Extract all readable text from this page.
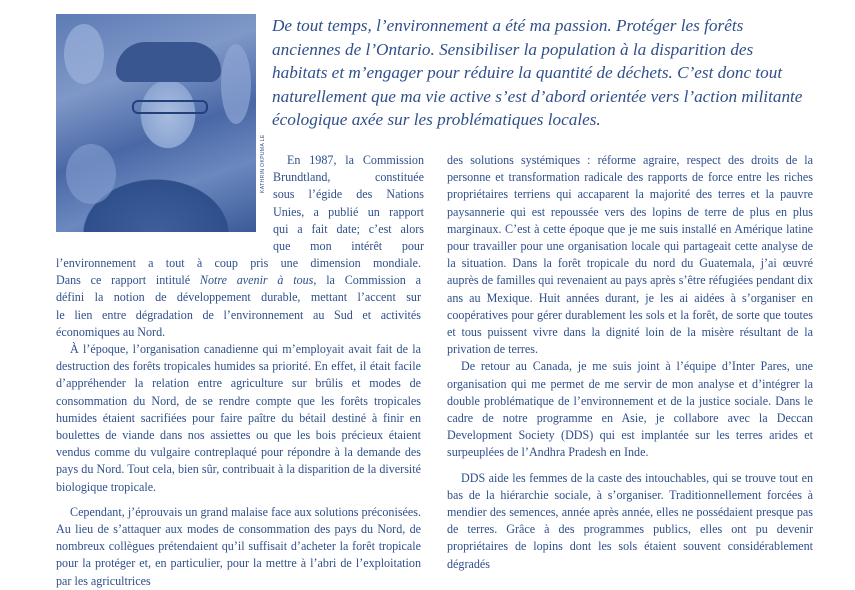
KATHRIN OKPUMA LE

De tout temps, l’environnement a été ma passion. Protéger les forêts anciennes de l’Ontario. Sensibiliser la population à la disparition des habitats et m’engager pour réduire la quantité de déchets. C’est donc tout naturellement que ma vie active s’est d’abord orientée vers l’action militante écologique axée sur les problématiques locales.

En 1987, la Commission
Brundtland, constituée
sous l’égide des Nations
Unies, a publié un rapport
qui a fait date; c’est alors
que mon intérêt pour
l’environnement a tout à coup pris une dimension mondiale.
Dans ce rapport intitulé Notre avenir à tous, la Commission a
défini la notion de développement durable, mettant l’accent sur
le lien entre dégradation de l’environnement au Sud et activités
économiques au Nord.

À l’époque, l’organisation canadienne qui m’employait avait fait de la destruction des forêts tropicales humides sa priorité. En effet, il était facile d’appréhender la relation entre agriculture sur brûlis et modes de consommation du Nord, de se rendre compte que les forêts tropicales humides étaient sacrifiées pour faire paître du bétail destiné à finir en boulettes de viande dans nos assiettes ou que les bois précieux étaient vendus comme du vulgaire contreplaqué pour répondre à la demande des pays du Nord. Tout cela, bien sûr, contribuait à la disparition de la diversité biologique tropicale.

Cependant, j’éprouvais un grand malaise face aux solutions préconisées. Au lieu de s’attaquer aux modes de consommation des pays du Nord, de nombreux collègues prétendaient qu’il suffisait d’acheter la forêt tropicale pour la protéger et, en particulier, pour la mettre à l’abri de l’exploitation par les agricultrices

des solutions systémiques : réforme agraire, respect des droits de la personne et transformation radicale des rapports de force entre les riches propriétaires terriens qui accaparent la majorité des terres et la pauvre paysannerie qui est repoussée vers des lopins de terre de plus en plus marginaux. C’est à cette époque que je me suis installé en Amérique latine pour travailler pour une organisation locale qui partageait cette analyse de la situation. Dans la forêt tropicale du nord du Guatemala, j’ai œuvré auprès de familles qui revenaient au pays après s’être réfugiées pendant dix ans au Mexique. Huit années durant, je les ai aidées à s’organiser en coopératives pour gérer durablement les sols et la forêt, de sorte que toutes et tous puissent vivre dans la dignité loin de la misère résultant de la privation de terres.

De retour au Canada, je me suis joint à l’équipe d’Inter Pares, une organisation qui me permet de me servir de mon analyse et d’intégrer la double problématique de l’environnement et de la justice sociale. Dans le cadre de notre programme en Asie, je collabore avec la Deccan Development Society (DDS) qui est implantée sur les terres arides et surpeuplées de l’Andhra Pradesh en Inde.

DDS aide les femmes de la caste des intouchables, qui se trouve tout en bas de la hiérarchie sociale, à s’organiser. Traditionnellement forcées à mendier des semences, année après année, elles ne possédaient presque pas de terres. Grâce à des programmes publics, elles ont pu devenir propriétaires de lopins dont les sols étaient souvent considérablement dégradés
